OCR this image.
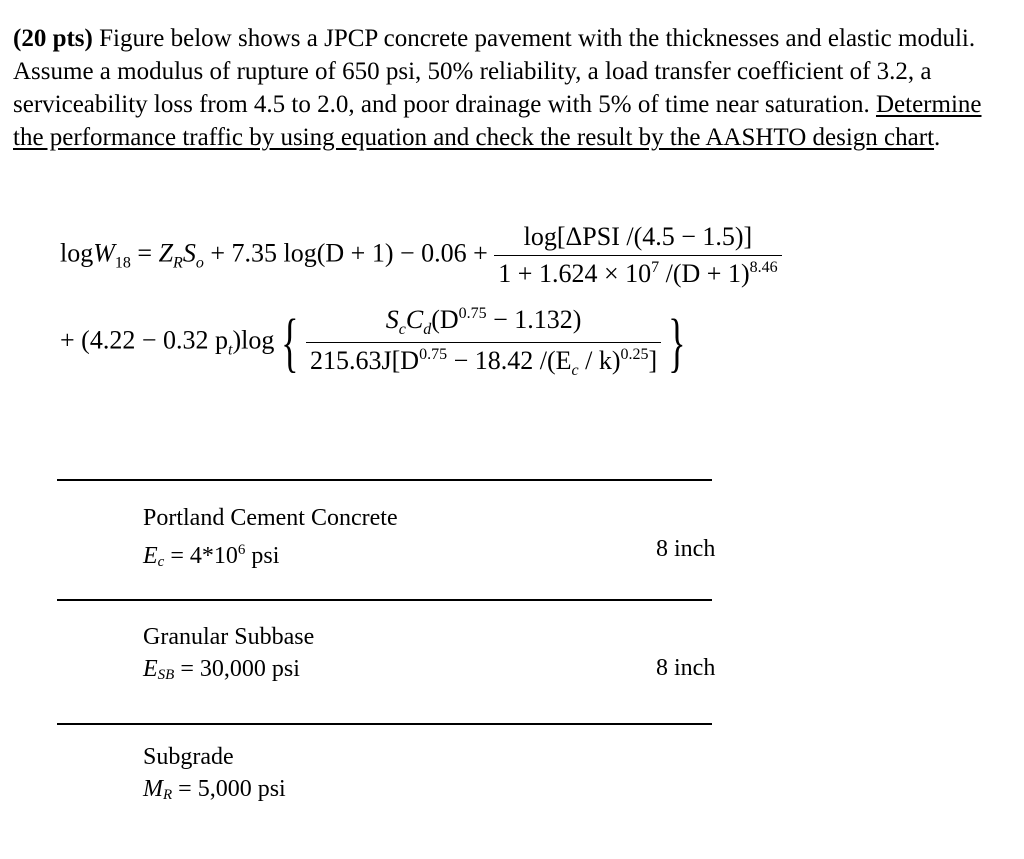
(20 pts) Figure below shows a JPCP concrete pavement with the thicknesses and elastic moduli. Assume a modulus of rupture of 650 psi, 50% reliability, a load transfer coefficient of 3.2, a serviceability loss from 4.5 to 2.0, and poor drainage with 5% of time near saturation. Determine the performance traffic by using equation and check the result by the AASHTO design chart.
$\log W_{18} = Z_RS_o + 7.35$ $\log(D + 1) - 0.06 + \frac{\text{log[ΔPSI /(4.5 − 1.5)]}}{1 + 1.624 \times 10^7 /(D + 1)^{8.46}}$
+ (4.22 − 0.32 $p_t)\log$ { $\frac{S_cC_d(D^{0.75} - 1.132)}{215.63J[D^{0.75} - 18.42 /(E_c / k)^{0.25}]}$ }
Portland Cement Concrete
$E_c = 4*10^6$ psi	8 inch
Granular Subbase
$E_{SB} = 30,000$ psi	8 inch
Subgrade
$M_R = 5,000$ psi
